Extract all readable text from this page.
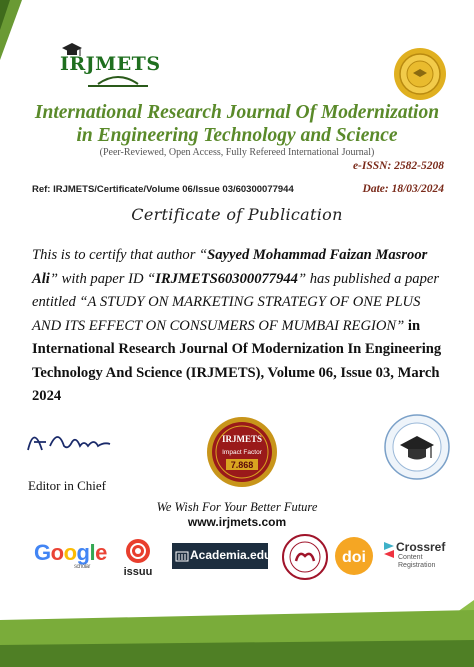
IRJMETS
International Research Journal Of Modernization
in Engineering Technology and Science
(Peer-Reviewed, Open Access, Fully Refereed International Journal)
e-ISSN: 2582-5208
Ref: IRJMETS/Certificate/Volume 06/Issue 03/60300077944	Date: 18/03/2024
Certificate of Publication
This is to certify that author “Sayyed Mohammad Faizan Masroor Ali” with paper ID “IRJMETS60300077944” has published a paper entitled “A STUDY ON MARKETING STRATEGY OF ONE PLUS AND ITS EFFECT ON CONSUMERS OF MUMBAI REGION” in International Research Journal Of Modernization In Engineering Technology And Science (IRJMETS), Volume 06, Issue 03, March 2024
Editor in Chief
IRJMETS
Impact Factor
7.868
We Wish For Your Better Future
www.irjmets.com
Google
scholar	issuu
Academia.edu	doi
Crossref
Content Registration
